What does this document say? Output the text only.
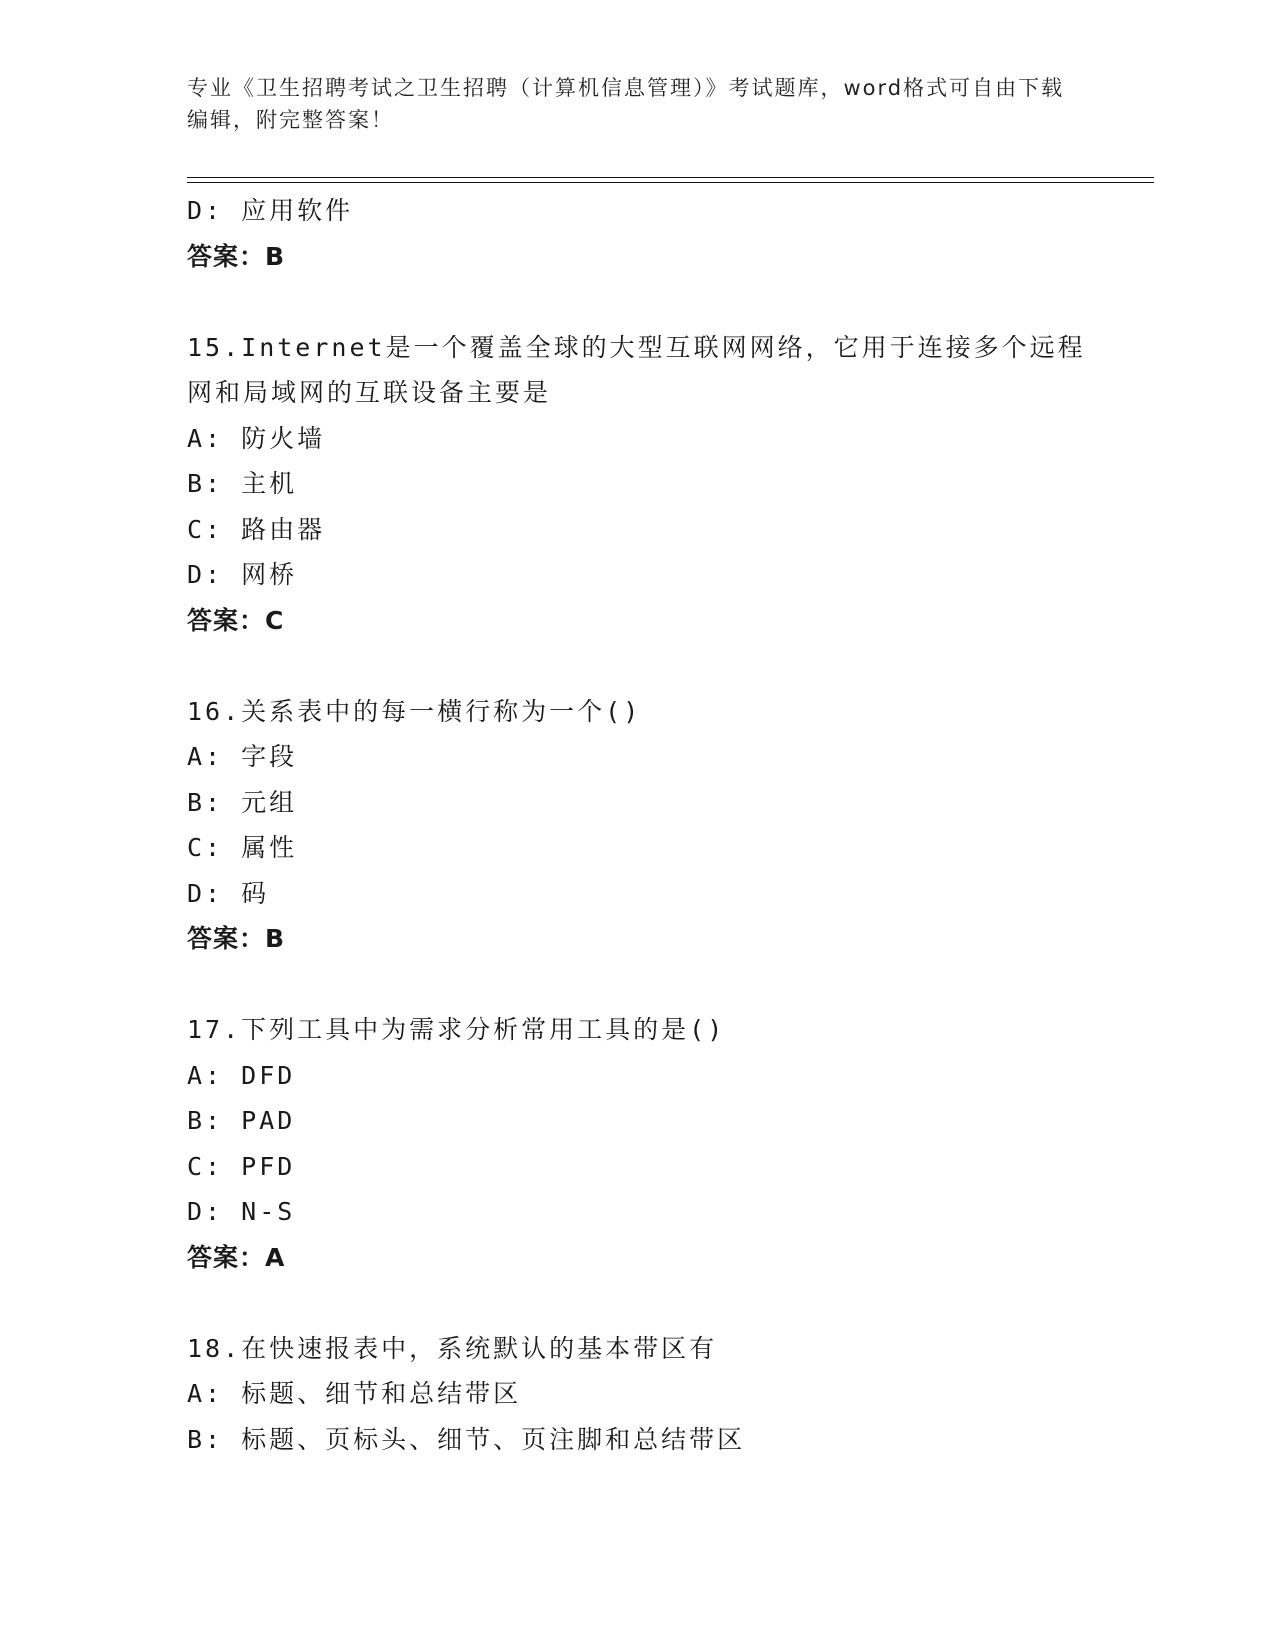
专业《卫生招聘考试之卫生招聘（计算机信息管理）》考试题库，word格式可自由下载编辑，附完整答案！
D: 应用软件
答案：B
15.Internet是一个覆盖全球的大型互联网网络，它用于连接多个远程
网和局域网的互联设备主要是
A: 防火墙
B: 主机
C: 路由器
D: 网桥
答案：C
16.关系表中的每一横行称为一个()
A: 字段
B: 元组
C: 属性
D: 码
答案：B
17.下列工具中为需求分析常用工具的是()
A: DFD
B: PAD
C: PFD
D: N-S
答案：A
18.在快速报表中，系统默认的基本带区有
A: 标题、细节和总结带区
B: 标题、页标头、细节、页注脚和总结带区
